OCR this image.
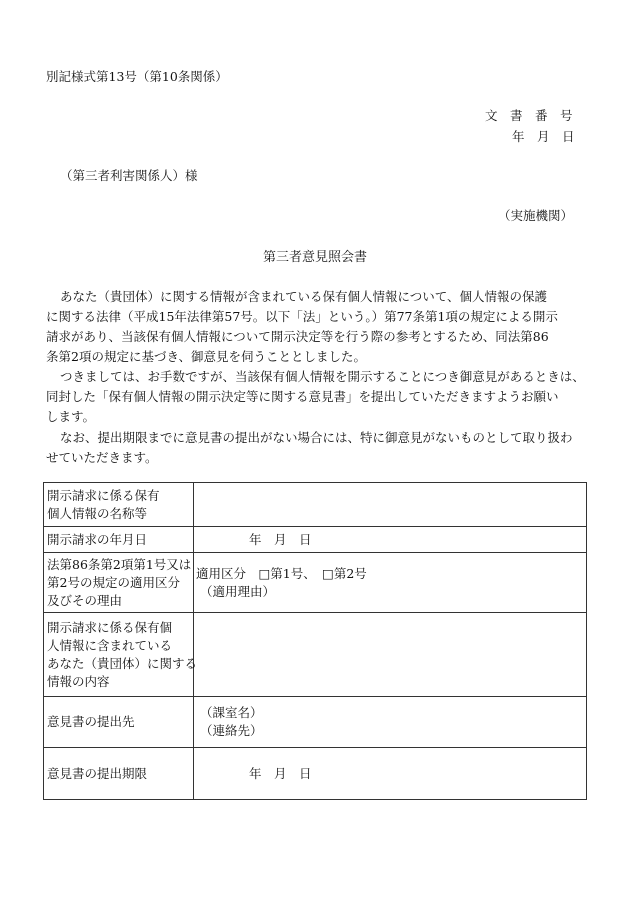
別記様式第13号（第10条関係）
文　書　番　号
年　月　日
（第三者利害関係人）様
（実施機関）
第三者意見照会書
あなた（貴団体）に関する情報が含まれている保有個人情報について、個人情報の保護
に関する法律（平成15年法律第57号。以下「法」という。）第77条第1項の規定による開示
請求があり、当該保有個人情報について開示決定等を行う際の参考とするため、同法第86
条第2項の規定に基づき、御意見を伺うこととしました。
つきましては、お手数ですが、当該保有個人情報を開示することにつき御意見があるときは、
同封した「保有個人情報の開示決定等に関する意見書」を提出していただきますようお願い
します。
なお、提出期限までに意見書の提出がない場合には、特に御意見がないものとして取り扱わ
せていただきます。
開示請求に係る保有
個人情報の名称等	

開示請求の年月日	年　月　日

法第86条第2項第1号又は
第2号の規定の適用区分
及びその理由	適用区分　□第1号、　□第2号
（適用理由）

開示請求に係る保有個
人情報に含まれている
あなた（貴団体）に関する
情報の内容	

意見書の提出先	（課室名）
（連絡先）

意見書の提出期限	年　月　日
